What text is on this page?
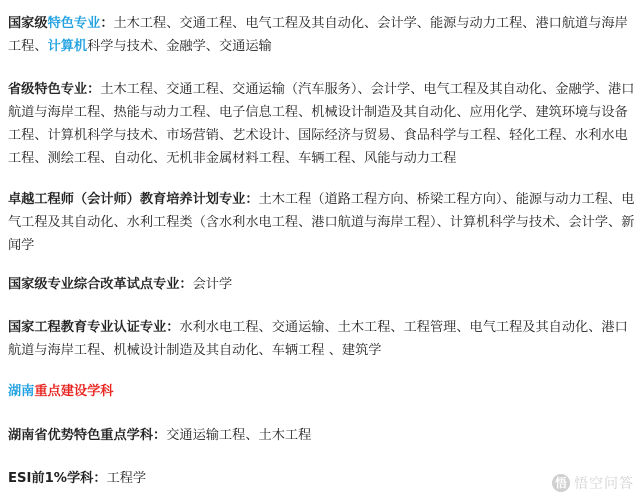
国家级特色专业：土木工程、交通工程、电气工程及其自动化、会计学、能源与动力工程、港口航道与海岸工程、计算机科学与技术、金融学、交通运输

省级特色专业：土木工程、交通工程、交通运输（汽车服务）、会计学、电气工程及其自动化、金融学、港口航道与海岸工程、热能与动力工程、电子信息工程、机械设计制造及其自动化、应用化学、建筑环境与设备工程、计算机科学与技术、市场营销、艺术设计、国际经济与贸易、食品科学与工程、轻化工程、水利水电工程、测绘工程、自动化、无机非金属材料工程、车辆工程、风能与动力工程

卓越工程师（会计师）教育培养计划专业：土木工程（道路工程方向、桥梁工程方向）、能源与动力工程、电气工程及其自动化、水利工程类（含水利水电工程、港口航道与海岸工程）、计算机科学与技术、会计学、新闻学

国家级专业综合改革试点专业：会计学

国家工程教育专业认证专业：水利水电工程、交通运输、土木工程、工程管理、电气工程及其自动化、港口航道与海岸工程、机械设计制造及其自动化、车辆工程 、建筑学

湖南重点建设学科

湖南省优势特色重点学科：交通运输工程、土木工程

ESI前1%学科：工程学	悟 悟空问答
